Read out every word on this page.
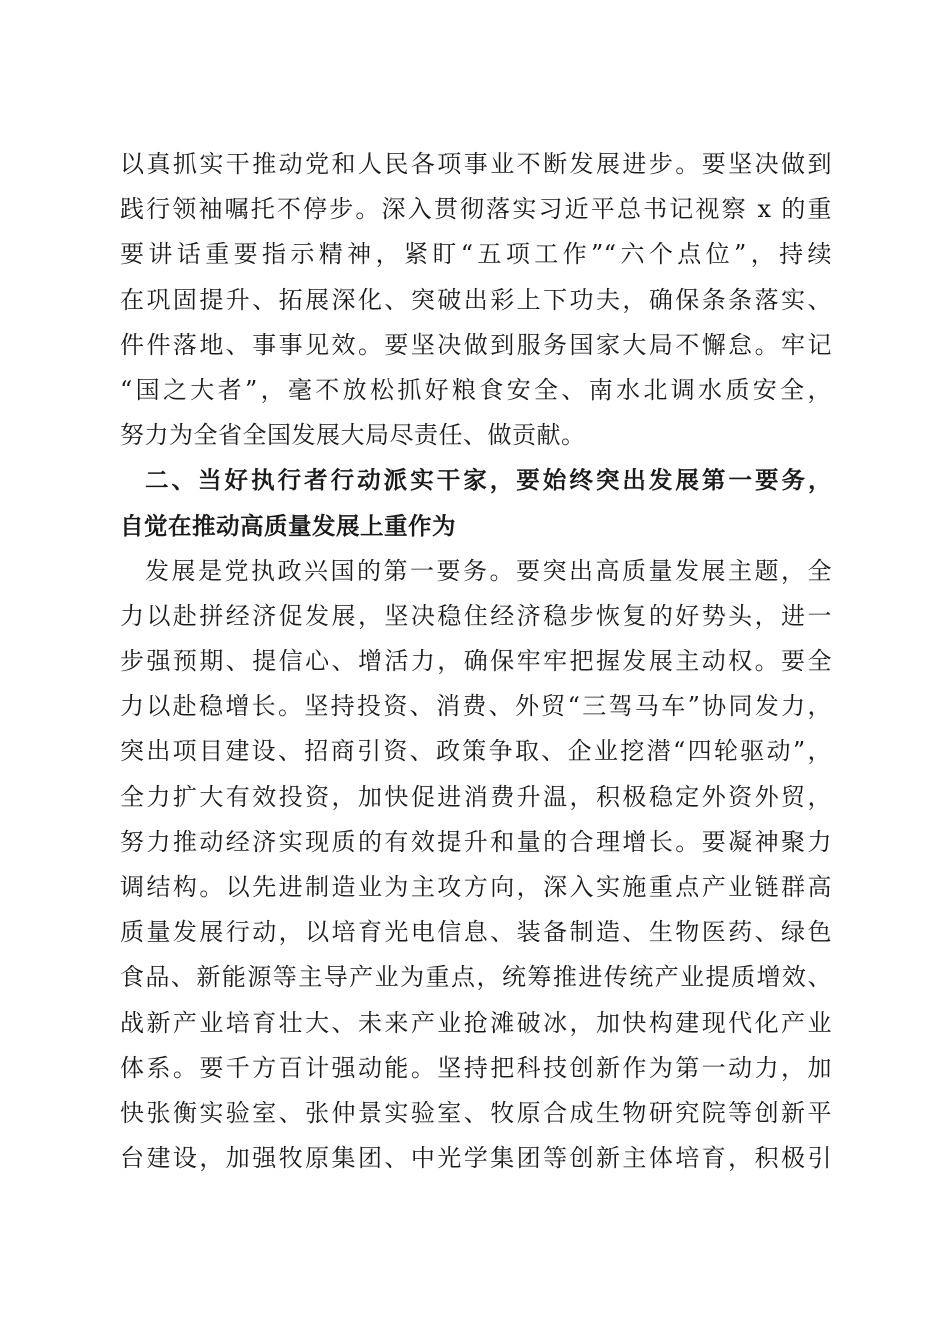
以真抓实干推动党和人民各项事业不断发展进步。要坚决做到
践行领袖嘱托不停步。深入贯彻落实习近平总书记视察 x 的重
要讲话重要指示精神，紧盯“五项工作”“六个点位”，持续
在巩固提升、拓展深化、突破出彩上下功夫，确保条条落实、
件件落地、事事见效。要坚决做到服务国家大局不懈怠。牢记
“国之大者”，毫不放松抓好粮食安全、南水北调水质安全，
努力为全省全国发展大局尽责任、做贡献。
二、当好执行者行动派实干家，要始终突出发展第一要务，
自觉在推动高质量发展上重作为
发展是党执政兴国的第一要务。要突出高质量发展主题，全
力以赴拼经济促发展，坚决稳住经济稳步恢复的好势头，进一
步强预期、提信心、增活力，确保牢牢把握发展主动权。要全
力以赴稳增长。坚持投资、消费、外贸“三驾马车”协同发力，
突出项目建设、招商引资、政策争取、企业挖潜“四轮驱动”，
全力扩大有效投资，加快促进消费升温，积极稳定外资外贸，
努力推动经济实现质的有效提升和量的合理增长。要凝神聚力
调结构。以先进制造业为主攻方向，深入实施重点产业链群高
质量发展行动，以培育光电信息、装备制造、生物医药、绿色
食品、新能源等主导产业为重点，统筹推进传统产业提质增效、
战新产业培育壮大、未来产业抢滩破冰，加快构建现代化产业
体系。要千方百计强动能。坚持把科技创新作为第一动力，加
快张衡实验室、张仲景实验室、牧原合成生物研究院等创新平
台建设，加强牧原集团、中光学集团等创新主体培育，积极引
